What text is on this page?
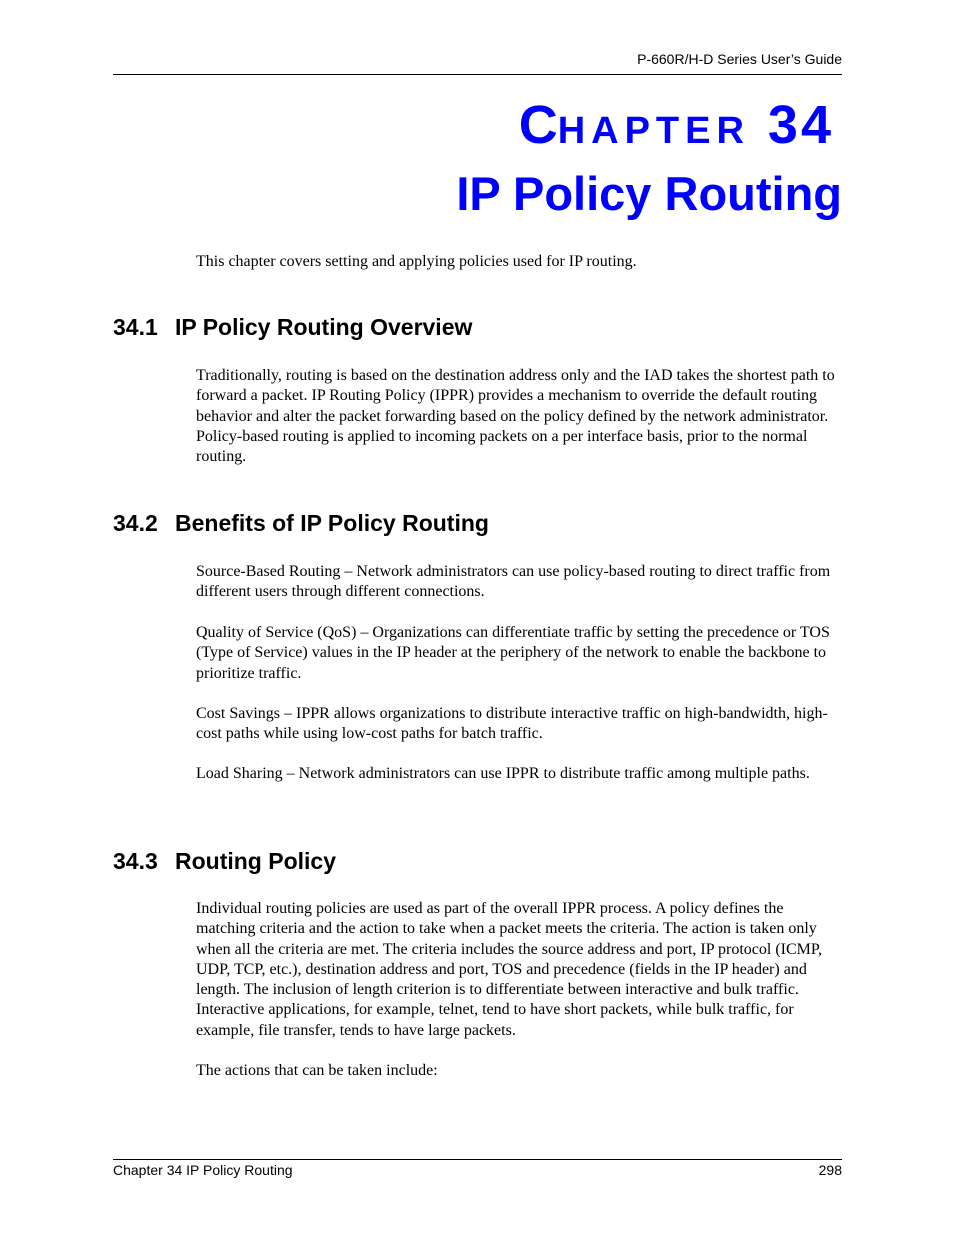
P-660R/H-D Series User’s Guide
CHAPTER 34
IP Policy Routing

This chapter covers setting and applying policies used for IP routing.

34.1 IP Policy Routing Overview

Traditionally, routing is based on the destination address only and the IAD takes the shortest path to forward a packet. IP Routing Policy (IPPR) provides a mechanism to override the default routing behavior and alter the packet forwarding based on the policy defined by the network administrator. Policy-based routing is applied to incoming packets on a per interface basis, prior to the normal routing.

34.2 Benefits of IP Policy Routing

Source-Based Routing – Network administrators can use policy-based routing to direct traffic from different users through different connections.

Quality of Service (QoS) – Organizations can differentiate traffic by setting the precedence or TOS (Type of Service) values in the IP header at the periphery of the network to enable the backbone to prioritize traffic.

Cost Savings – IPPR allows organizations to distribute interactive traffic on high-bandwidth, high-cost paths while using low-cost paths for batch traffic.

Load Sharing – Network administrators can use IPPR to distribute traffic among multiple paths.

34.3 Routing Policy

Individual routing policies are used as part of the overall IPPR process. A policy defines the matching criteria and the action to take when a packet meets the criteria. The action is taken only when all the criteria are met. The criteria includes the source address and port, IP protocol (ICMP, UDP, TCP, etc.), destination address and port, TOS and precedence (fields in the IP header) and length. The inclusion of length criterion is to differentiate between interactive and bulk traffic. Interactive applications, for example, telnet, tend to have short packets, while bulk traffic, for example, file transfer, tends to have large packets.

The actions that can be taken include:

Chapter 34 IP Policy Routing	298
